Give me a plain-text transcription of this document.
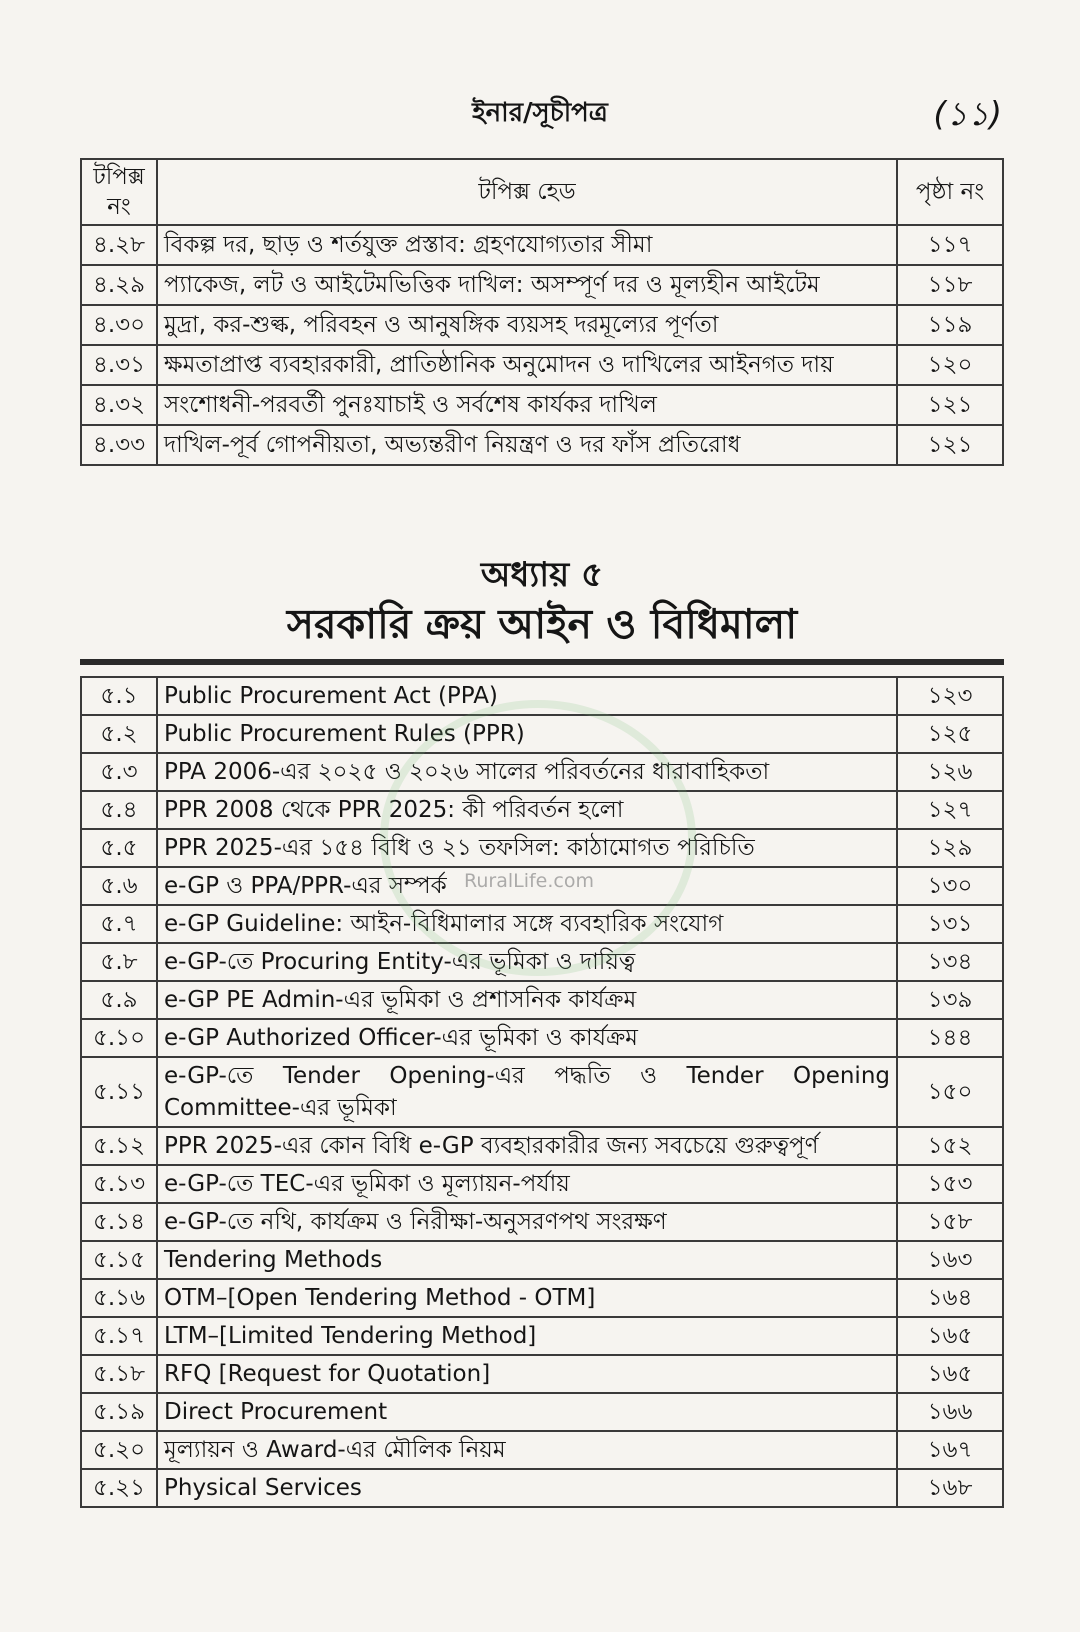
ইনার/সূচীপত্র	(১১)
টপিক্স নং	টপিক্স হেড	পৃষ্ঠা নং
৪.২৮	বিকল্প দর, ছাড় ও শর্তযুক্ত প্রস্তাব: গ্রহণযোগ্যতার সীমা	১১৭
৪.২৯	প্যাকেজ, লট ও আইটেমভিত্তিক দাখিল: অসম্পূর্ণ দর ও মূল্যহীন আইটেম	১১৮
৪.৩০	মুদ্রা, কর-শুল্ক, পরিবহন ও আনুষঙ্গিক ব্যয়সহ দরমূল্যের পূর্ণতা	১১৯
৪.৩১	ক্ষমতাপ্রাপ্ত ব্যবহারকারী, প্রাতিষ্ঠানিক অনুমোদন ও দাখিলের আইনগত দায়	১২০
৪.৩২	সংশোধনী-পরবর্তী পুনঃযাচাই ও সর্বশেষ কার্যকর দাখিল	১২১
৪.৩৩	দাখিল-পূর্ব গোপনীয়তা, অভ্যন্তরীণ নিয়ন্ত্রণ ও দর ফাঁস প্রতিরোধ	১২১
অধ্যায় ৫
সরকারি ক্রয় আইন ও বিধিমালা
৫.১	Public Procurement Act (PPA)	১২৩
৫.২	Public Procurement Rules (PPR)	১২৫
৫.৩	PPA 2006-এর ২০২৫ ও ২০২৬ সালের পরিবর্তনের ধারাবাহিকতা	১২৬
৫.৪	PPR 2008 থেকে PPR 2025: কী পরিবর্তন হলো	১২৭
৫.৫	PPR 2025-এর ১৫৪ বিধি ও ২১ তফসিল: কাঠামোগত পরিচিতি	১২৯
৫.৬	e-GP ও PPA/PPR-এর সম্পর্ক	১৩০
৫.৭	e-GP Guideline: আইন-বিধিমালার সঙ্গে ব্যবহারিক সংযোগ	১৩১
৫.৮	e-GP-তে Procuring Entity-এর ভূমিকা ও দায়িত্ব	১৩৪
৫.৯	e-GP PE Admin-এর ভূমিকা ও প্রশাসনিক কার্যক্রম	১৩৯
৫.১০	e-GP Authorized Officer-এর ভূমিকা ও কার্যক্রম	১৪৪
৫.১১	e-GP-তে Tender Opening-এর পদ্ধতি ও Tender Opening Committee-এর ভূমিকা	১৫০
৫.১২	PPR 2025-এর কোন বিধি e-GP ব্যবহারকারীর জন্য সবচেয়ে গুরুত্বপূর্ণ	১৫২
৫.১৩	e-GP-তে TEC-এর ভূমিকা ও মূল্যায়ন-পর্যায়	১৫৩
৫.১৪	e-GP-তে নথি, কার্যক্রম ও নিরীক্ষা-অনুসরণপথ সংরক্ষণ	১৫৮
৫.১৫	Tendering Methods	১৬৩
৫.১৬	OTM–[Open Tendering Method - OTM]	১৬৪
৫.১৭	LTM–[Limited Tendering Method]	১৬৫
৫.১৮	RFQ [Request for Quotation]	১৬৫
৫.১৯	Direct Procurement	১৬৬
৫.২০	মূল্যায়ন ও Award-এর মৌলিক নিয়ম	১৬৭
৫.২১	Physical Services	১৬৮
RuralLife.com
